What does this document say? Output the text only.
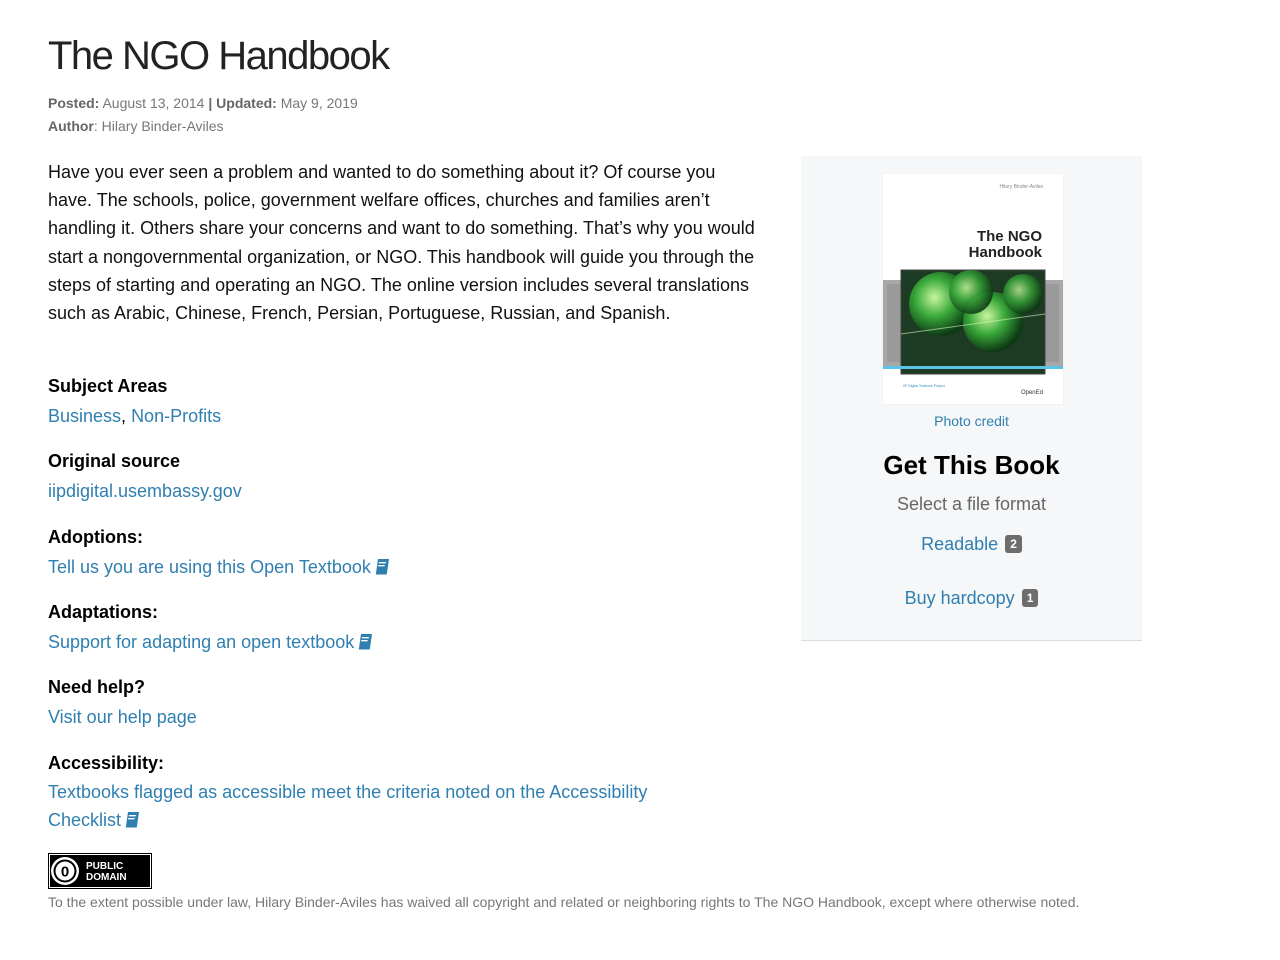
The NGO Handbook
Posted: August 13, 2014 | Updated: May 9, 2019
Author: Hilary Binder-Aviles

Have you ever seen a problem and wanted to do something about it? Of course you have. The schools, police, government welfare offices, churches and families aren’t handling it. Others share your concerns and want to do something. That’s why you would start a nongovernmental organization, or NGO. This handbook will guide you through the steps of starting and operating an NGO. The online version includes several translations such as Arabic, Chinese, French, Persian, Portuguese, Russian, and Spanish.

Subject Areas
Business, Non-Profits
Original source
iipdigital.usembassy.gov
Adoptions:
Tell us you are using this Open Textbook
Adaptations:
Support for adapting an open textbook
Need help?
Visit our help page
Accessibility:
Textbooks flagged as accessible meet the criteria noted on the Accessibility
Checklist
Hilary Binder-Aviles
The NGO
Handbook
IIP Digital Textbook Project
OpenEd
Photo credit
Get This Book
Select a file format
Readable 2
Buy hardcopy 1
0 PUBLIC
DOMAIN

To the extent possible under law, Hilary Binder-Aviles has waived all copyright and related or neighboring rights to The NGO Handbook, except where otherwise noted.
